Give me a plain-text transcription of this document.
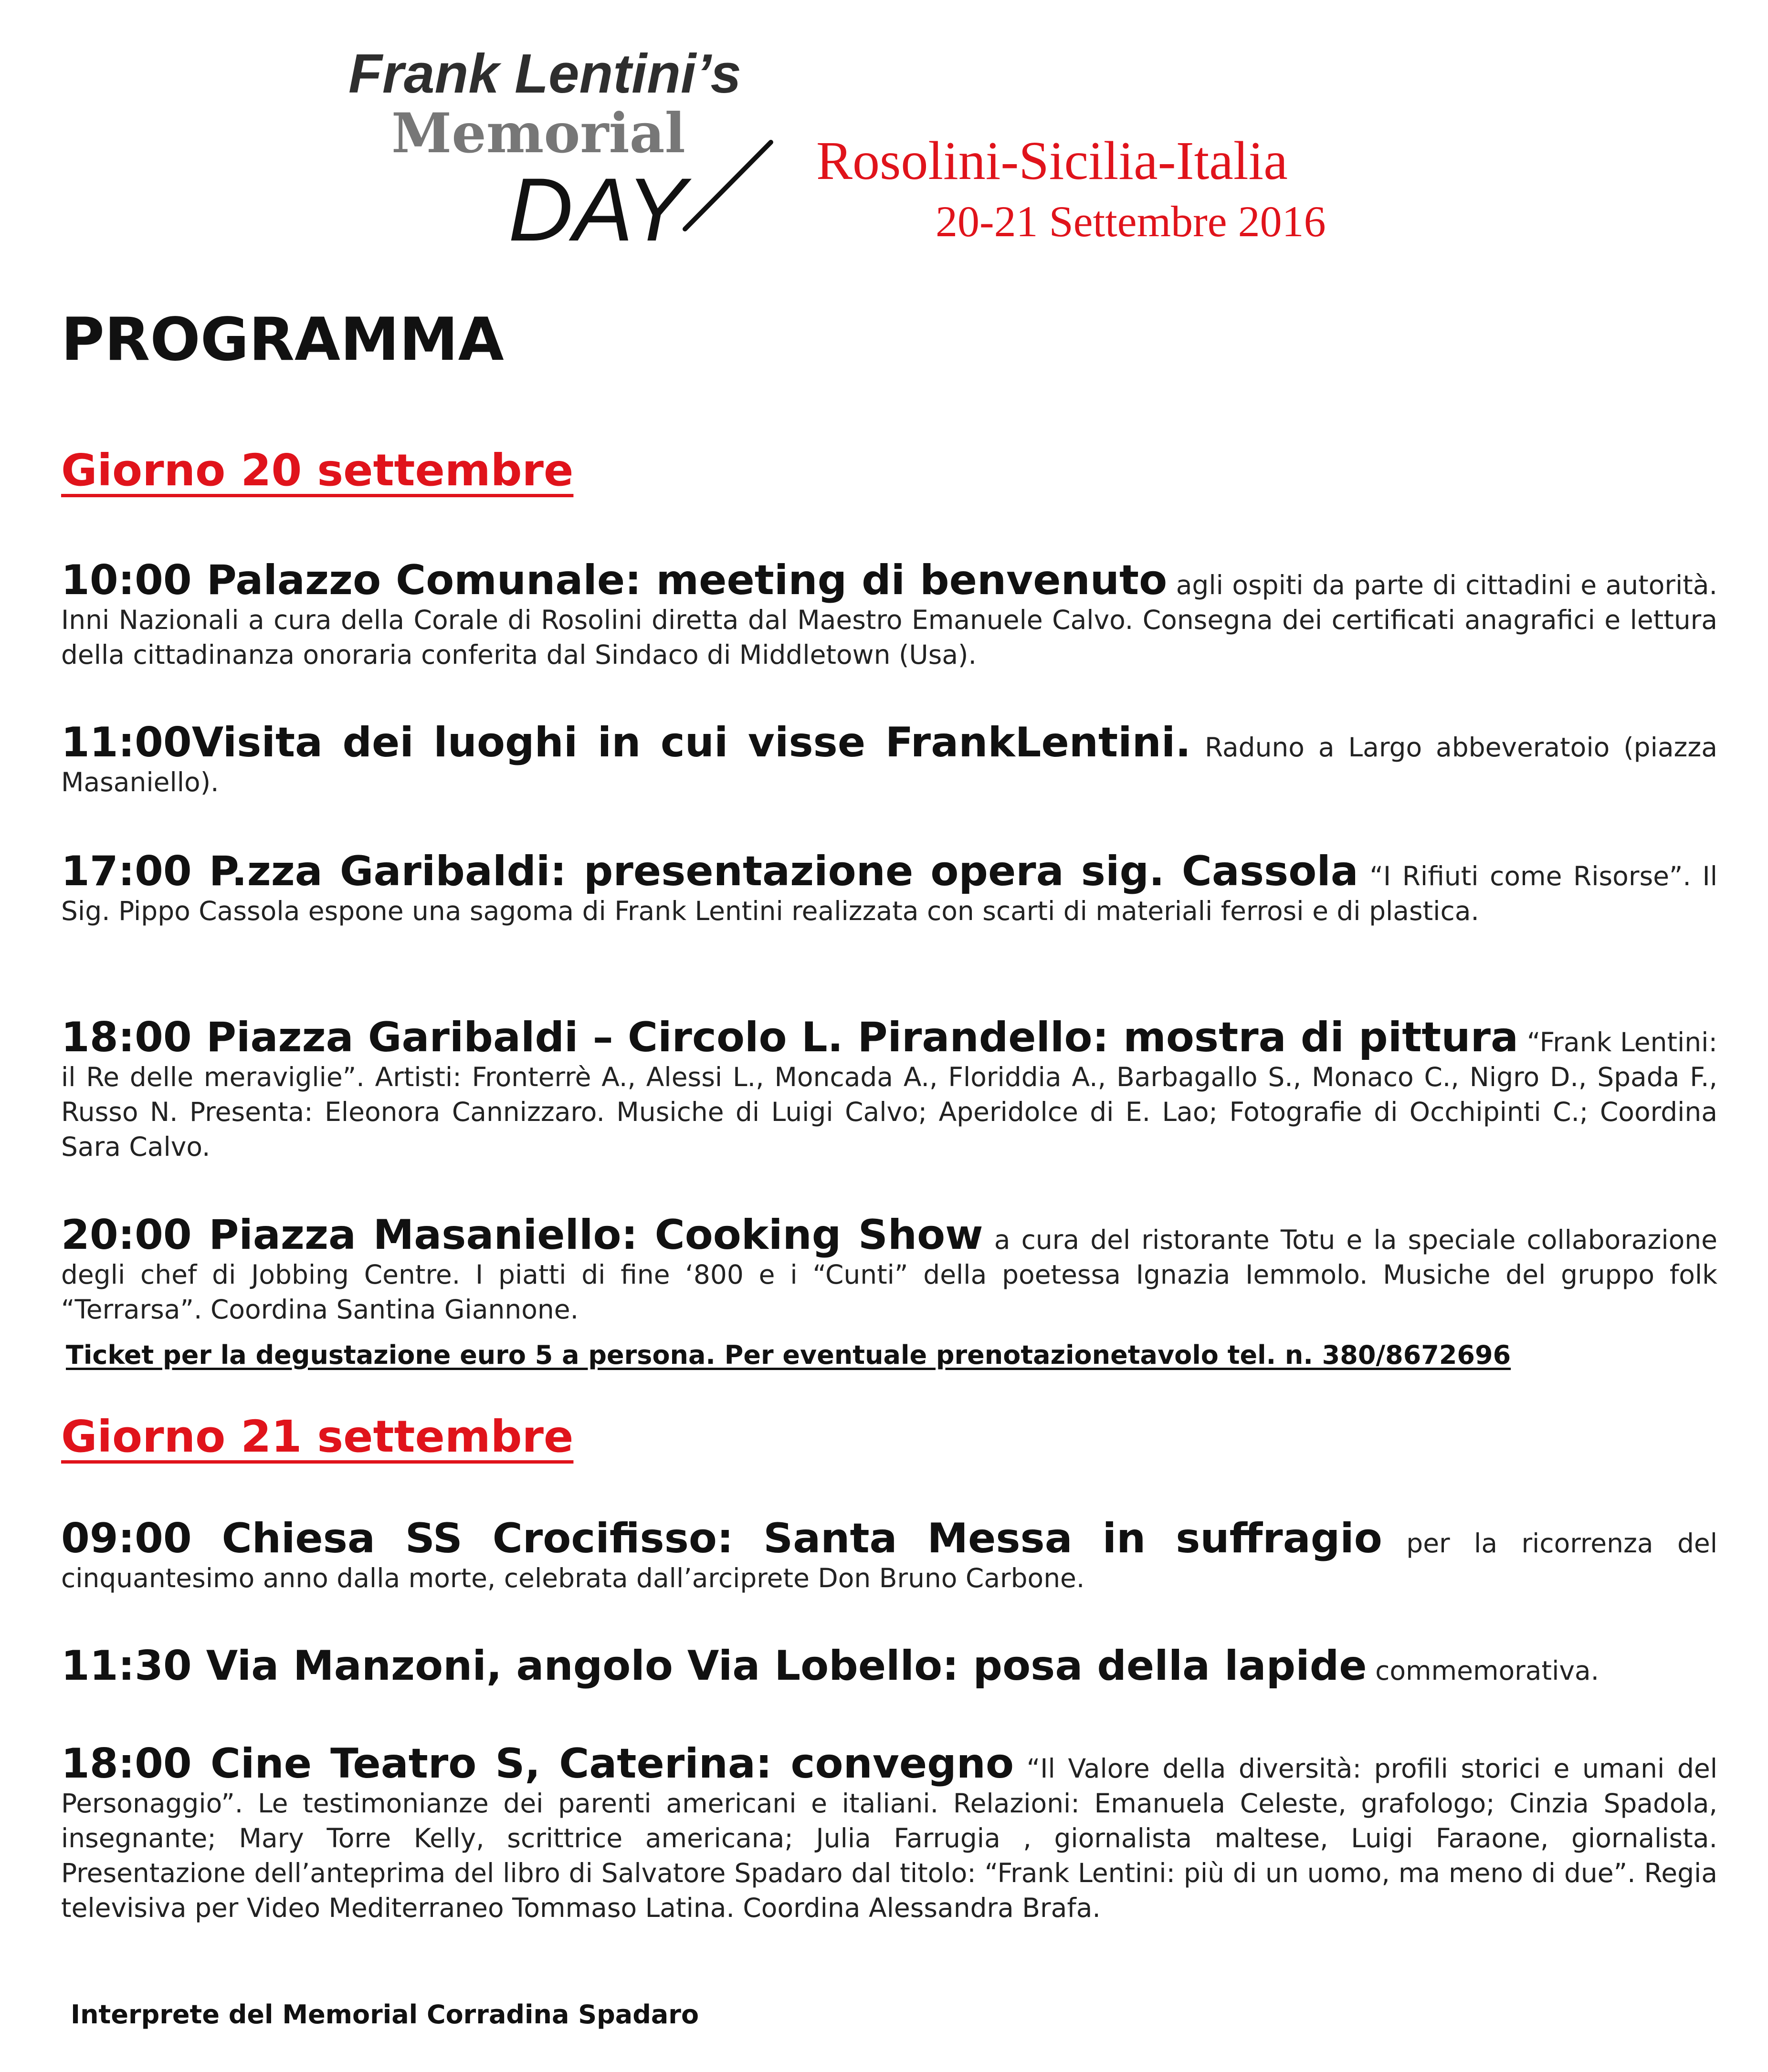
Frank Lentini’s
Memorial
DAY Rosolini-Sicilia-Italia
20-21 Settembre 2016
PROGRAMMA
Giorno 20 settembre
10:00 Palazzo Comunale: meeting di benvenuto agli ospiti da parte di cittadini e autorità. Inni Nazionali a cura della Corale di Rosolini diretta dal Maestro Emanuele Calvo. Consegna dei certificati anagrafici e lettura della cittadinanza onoraria conferita dal Sindaco di Middletown (Usa).
11:00Visita dei luoghi in cui visse FrankLentini. Raduno a Largo abbeveratoio (piazza Masaniello).
17:00 P.zza Garibaldi: presentazione opera sig. Cassola “I Rifiuti come Risorse”. Il Sig. Pippo Cassola espone una sagoma di Frank Lentini realizzata con scarti di materiali ferrosi e di plastica.
18:00 Piazza Garibaldi – Circolo L. Pirandello: mostra di pittura “Frank Lentini: il Re delle meraviglie”. Artisti: Fronterrè A., Alessi L., Moncada A., Floriddia A., Barbagallo S., Monaco C., Nigro D., Spada F., Russo N. Presenta: Eleonora Cannizzaro. Musiche di Luigi Calvo; Aperidolce di E. Lao; Fotografie di Occhipinti C.; Coordina Sara Calvo.
20:00 Piazza Masaniello: Cooking Show a cura del ristorante Totu e la speciale collaborazione degli chef di Jobbing Centre. I piatti di fine ‘800 e i “Cunti” della poetessa Ignazia Iemmolo. Musiche del gruppo folk “Terrarsa”. Coordina Santina Giannone.
Ticket per la degustazione euro 5 a persona. Per eventuale prenotazionetavolo tel. n. 380/8672696
Giorno 21 settembre
09:00 Chiesa SS Crocifisso: Santa Messa in suffragio per la ricorrenza del cinquantesimo anno dalla morte, celebrata dall’arciprete Don Bruno Carbone.
11:30 Via Manzoni, angolo Via Lobello: posa della lapide commemorativa.
18:00 Cine Teatro S, Caterina: convegno “Il Valore della diversità: profili storici e umani del Personaggio”. Le testimonianze dei parenti americani e italiani. Relazioni: Emanuela Celeste, grafologo; Cinzia Spadola, insegnante; Mary Torre Kelly, scrittrice americana; Julia Farrugia , giornalista maltese, Luigi Faraone, giornalista. Presentazione dell’anteprima del libro di Salvatore Spadaro dal titolo: “Frank Lentini: più di un uomo, ma meno di due”. Regia televisiva per Video Mediterraneo Tommaso Latina. Coordina Alessandra Brafa.
Interprete del Memorial Corradina Spadaro
